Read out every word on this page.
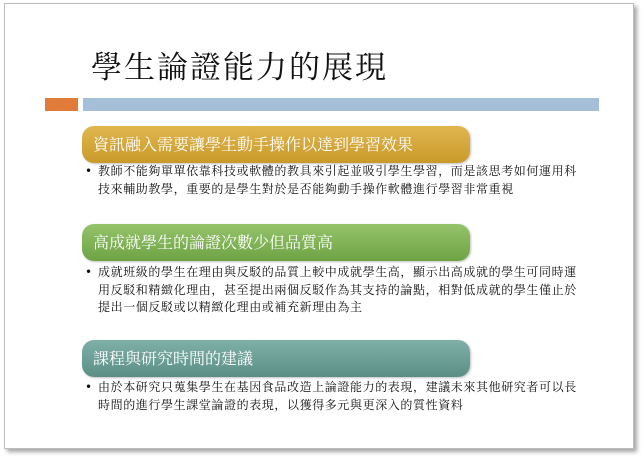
學生論證能力的展現
資訊融入需要讓學生動手操作以達到學習效果
• 教師不能夠單單依靠科技或軟體的教具來引起並吸引學生學習，而是該思考如何運用科技來輔助教學，重要的是學生對於是否能夠動手操作軟體進行學習非常重視
高成就學生的論證次數少但品質高
• 成就班級的學生在理由與反駁的品質上較中成就學生高，顯示出高成就的學生可同時運用反駁和精緻化理由，甚至提出兩個反駁作為其支持的論點，相對低成就的學生僅止於提出一個反駁或以精緻化理由或補充新理由為主
課程與研究時間的建議
• 由於本研究只蒐集學生在基因食品改造上論證能力的表現，建議未來其他研究者可以長時間的進行學生課堂論證的表現，以獲得多元與更深入的質性資料
